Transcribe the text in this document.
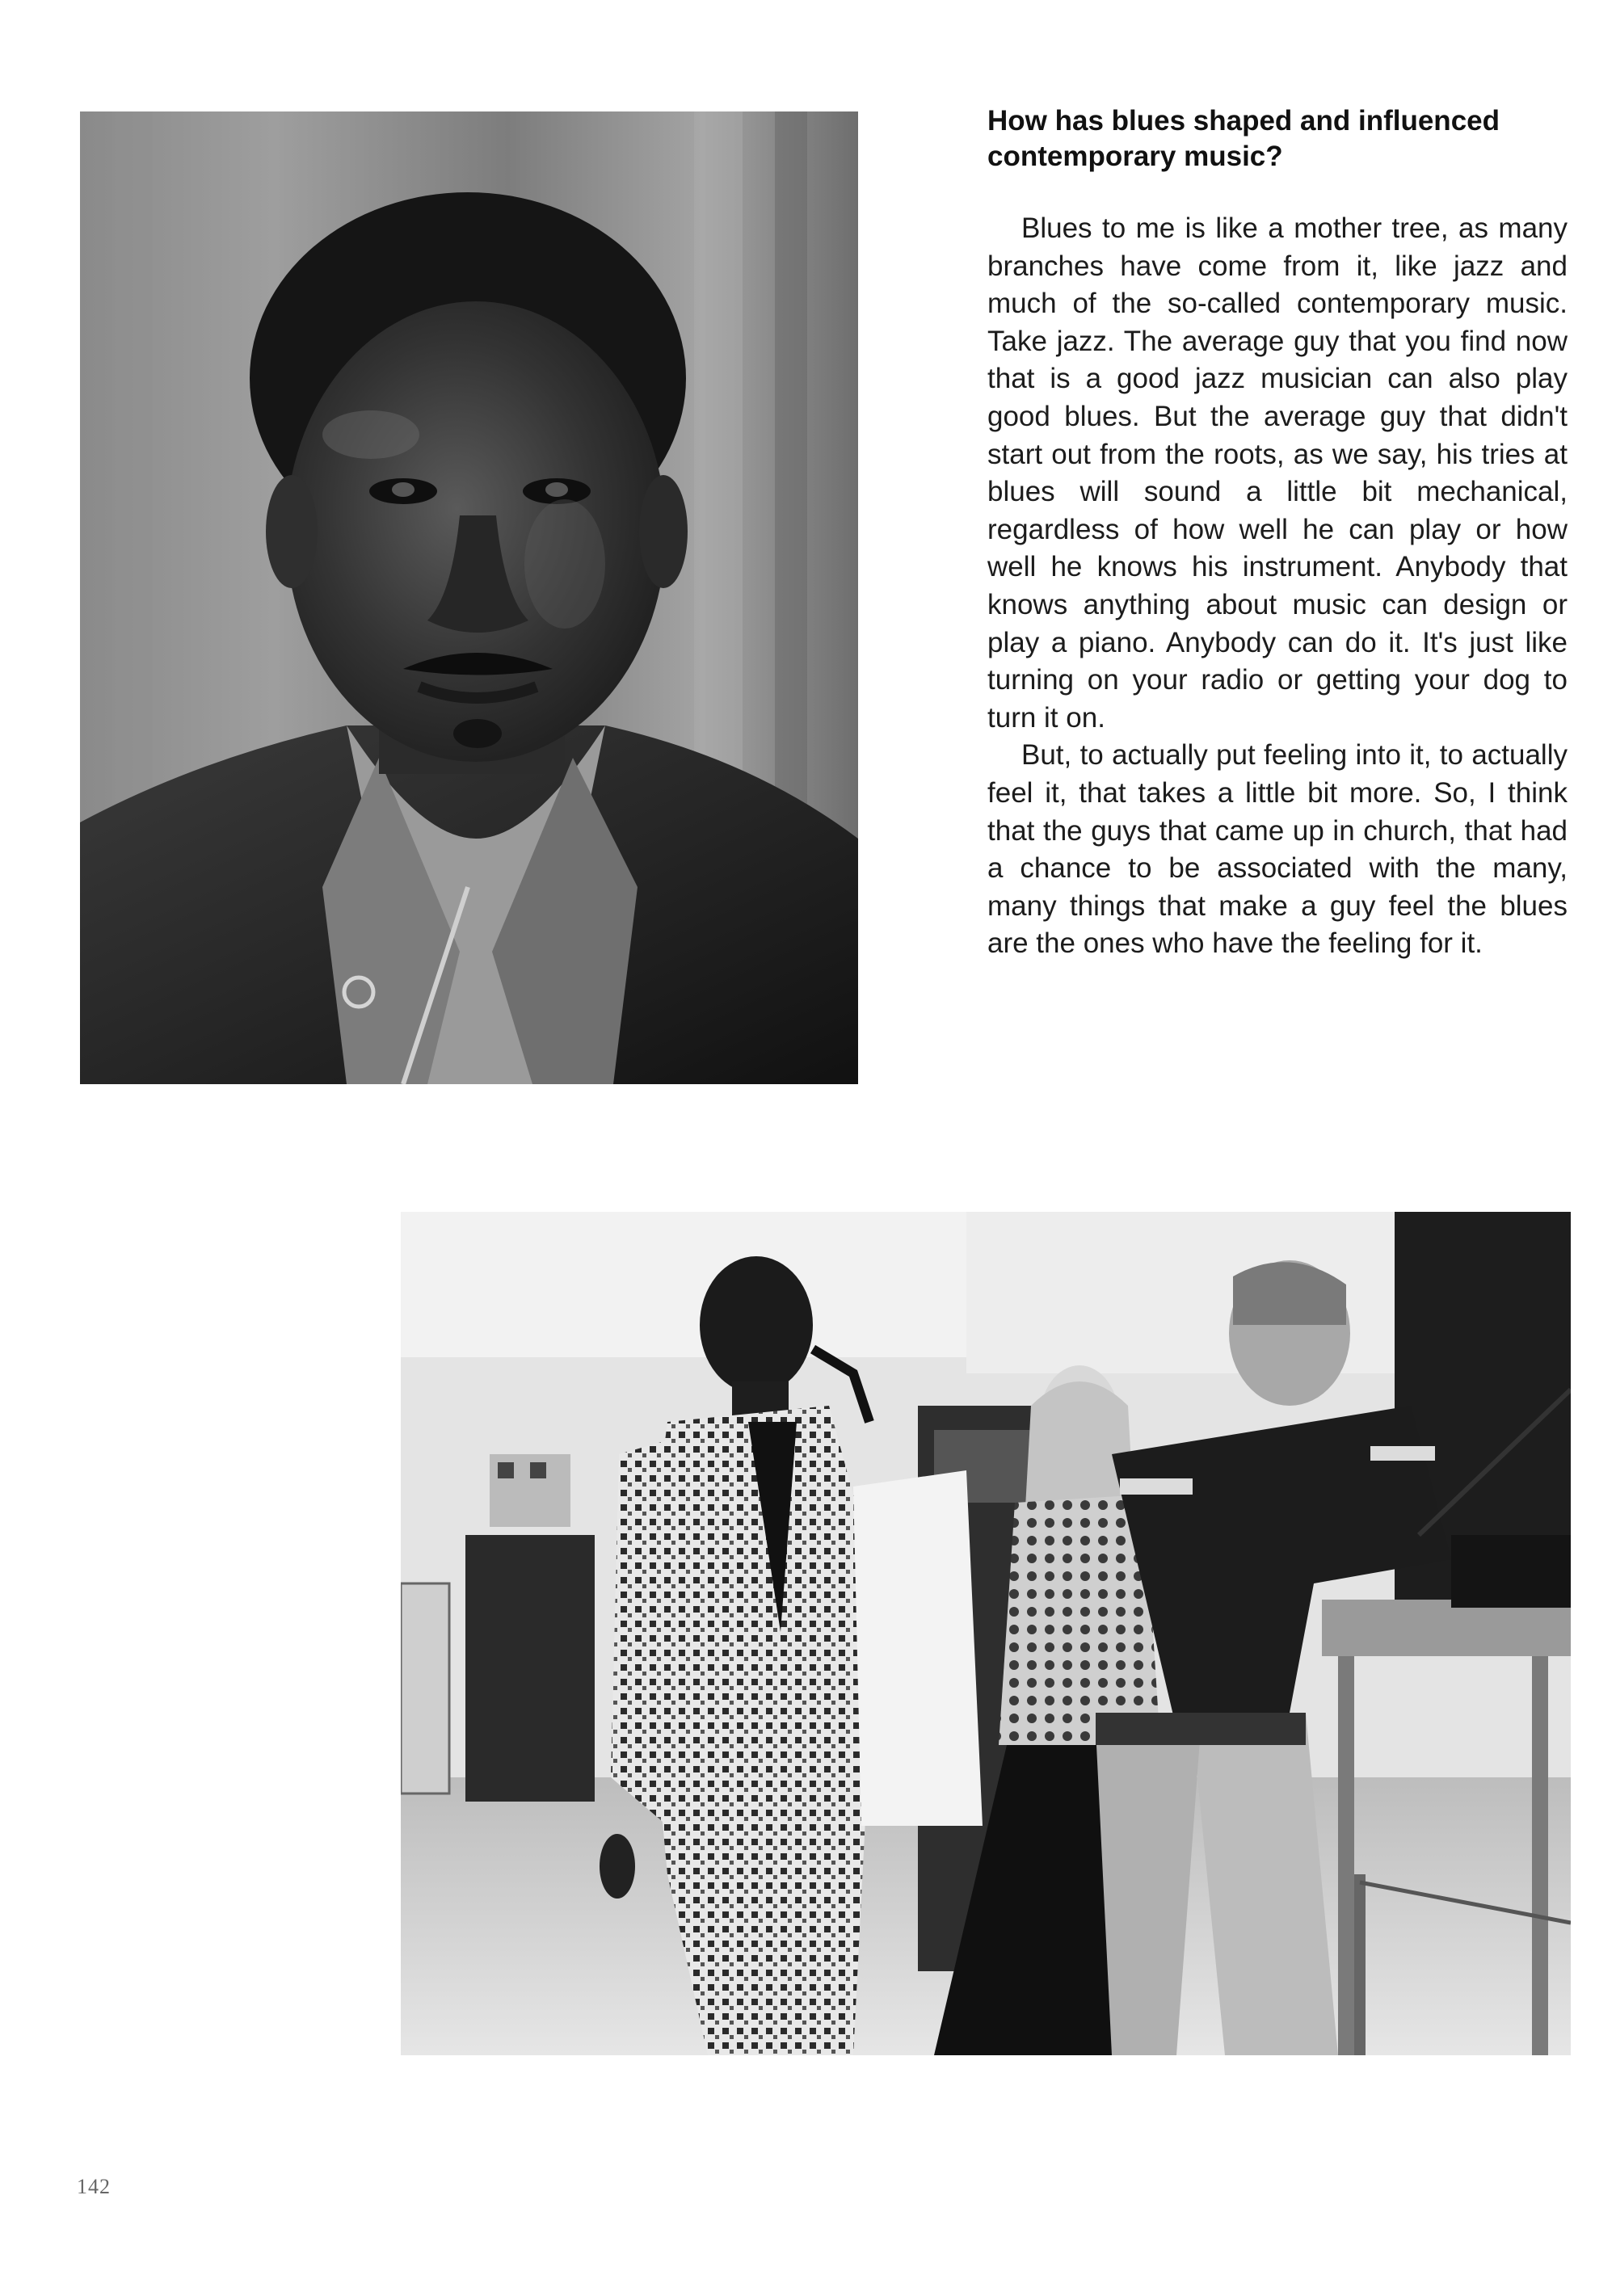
How has blues shaped and influenced contemporary music?

Blues to me is like a mother tree, as many branches have come from it, like jazz and much of the so-called contemporary music. Take jazz. The average guy that you find now that is a good jazz musician can also play good blues. But the average guy that didn't start out from the roots, as we say, his tries at blues will sound a little bit mechanical, regardless of how well he can play or how well he knows his instrument. Anybody that knows anything about music can design or play a piano. Anybody can do it. It's just like turning on your radio or getting your dog to turn it on.

But, to actually put feeling into it, to actually feel it, that takes a little bit more. So, I think that the guys that came up in church, that had a chance to be associated with the many, many things that make a guy feel the blues are the ones who have the feeling for it.

142
